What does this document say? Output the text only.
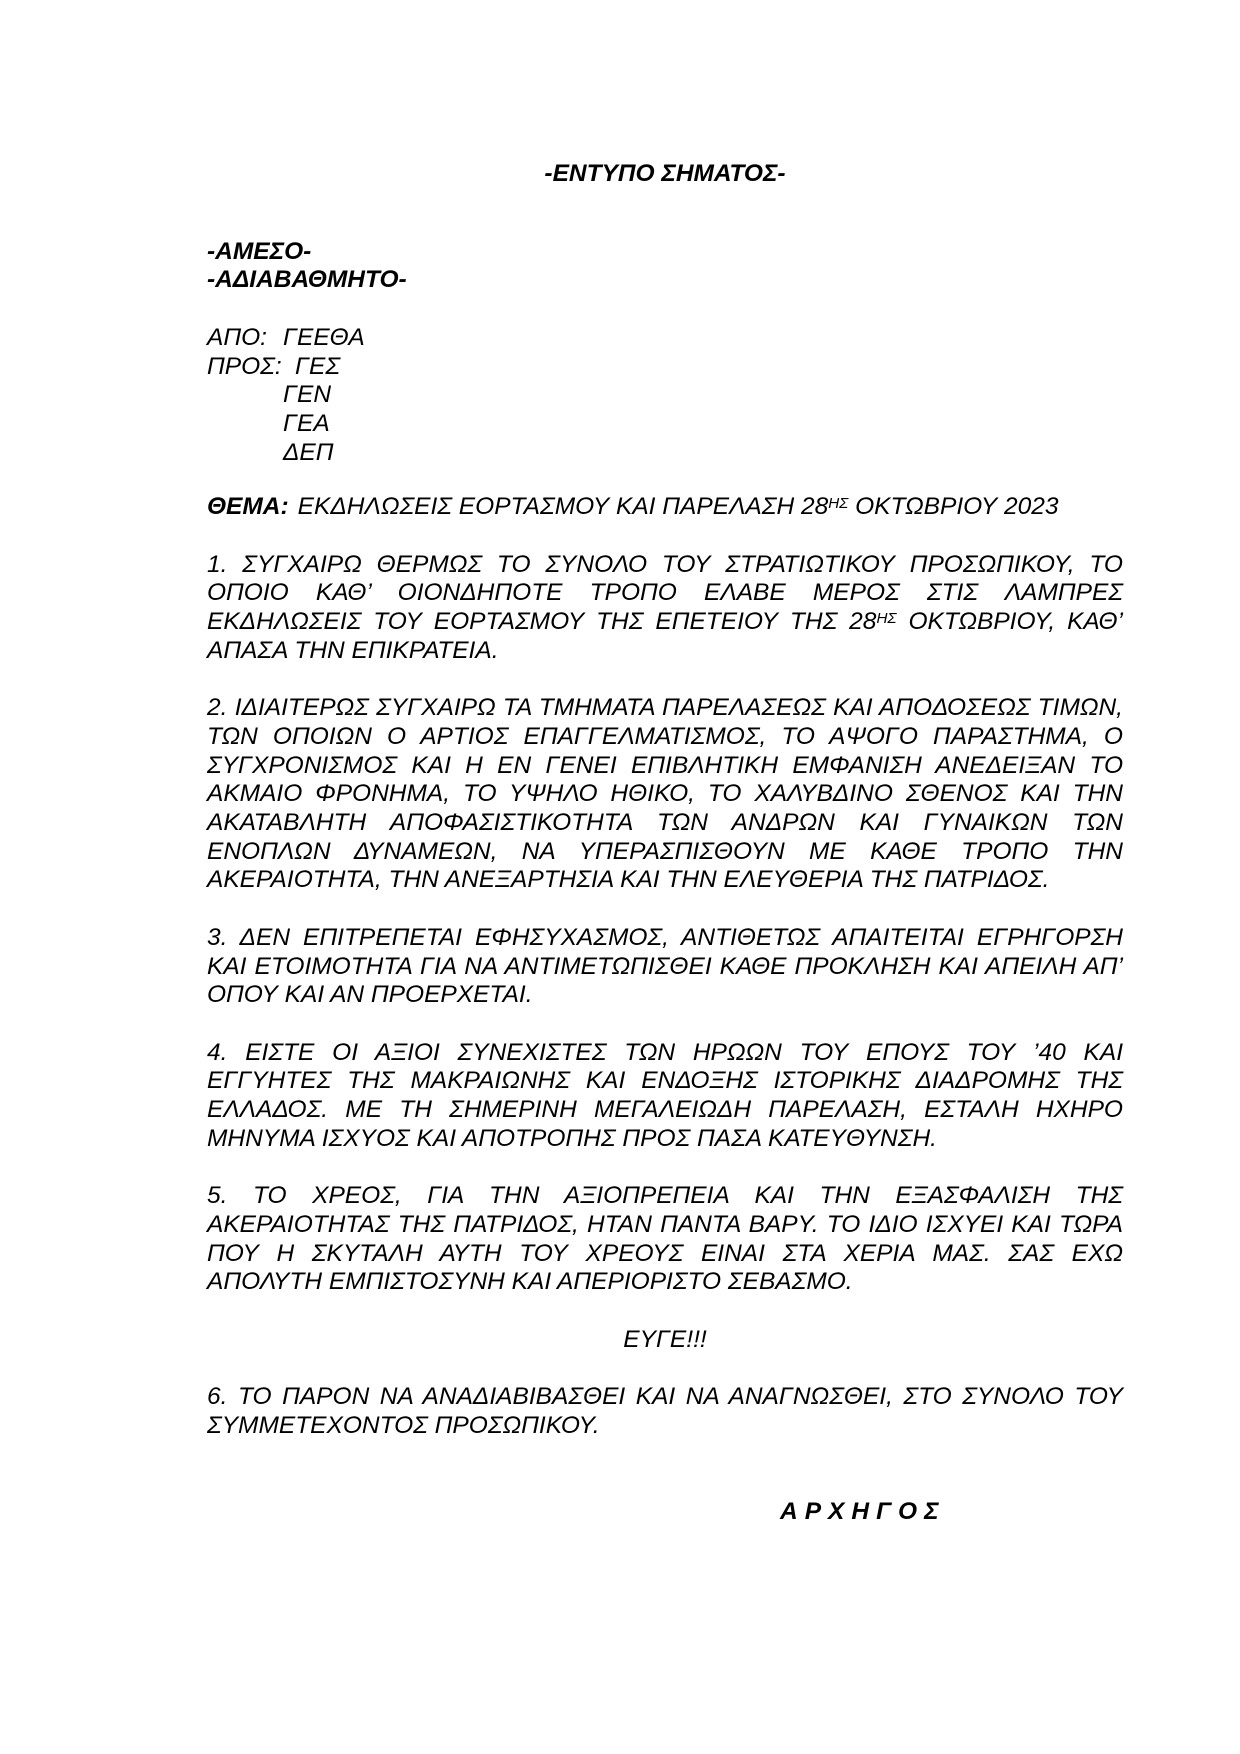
-ΕΝΤΥΠΟ ΣΗΜΑΤΟΣ-
-ΑΜΕΣΟ-
-ΑΔΙΑΒΑΘΜΗΤΟ-
ΑΠΟ: ΓΕΕΘΑ
ΠΡΟΣ: ΓΕΣ
ΓΕΝ
ΓΕΑ
ΔΕΠ
ΘΕΜΑ: ΕΚΔΗΛΩΣΕΙΣ ΕΟΡΤΑΣΜΟΥ ΚΑΙ ΠΑΡΕΛΑΣΗ $28^{H\Sigma}$ ΟΚΤΩΒΡΙΟΥ 2023
1. ΣΥΓΧΑΙΡΩ ΘΕΡΜΩΣ ΤΟ ΣΥΝΟΛΟ ΤΟΥ ΣΤΡΑΤΙΩΤΙΚΟΥ ΠΡΟΣΩΠΙΚΟΥ, ΤΟ ΟΠΟΙΟ ΚΑΘ’ ΟΙΟΝΔΗΠΟΤΕ ΤΡΟΠΟ ΕΛΑΒΕ ΜΕΡΟΣ ΣΤΙΣ ΛΑΜΠΡΕΣ ΕΚΔΗΛΩΣΕΙΣ ΤΟΥ ΕΟΡΤΑΣΜΟΥ ΤΗΣ ΕΠΕΤΕΙΟΥ ΤΗΣ $28^{H\Sigma}$ ΟΚΤΩΒΡΙΟΥ, ΚΑΘ’ ΑΠΑΣΑ ΤΗΝ ΕΠΙΚΡΑΤΕΙΑ.
2. ΙΔΙΑΙΤΕΡΩΣ ΣΥΓΧΑΙΡΩ ΤΑ ΤΜΗΜΑΤΑ ΠΑΡΕΛΑΣΕΩΣ ΚΑΙ ΑΠΟΔΟΣΕΩΣ ΤΙΜΩΝ, ΤΩΝ ΟΠΟΙΩΝ Ο ΑΡΤΙΟΣ ΕΠΑΓΓΕΛΜΑΤΙΣΜΟΣ, ΤΟ ΑΨΟΓΟ ΠΑΡΑΣΤΗΜΑ, Ο ΣΥΓΧΡΟΝΙΣΜΟΣ ΚΑΙ Η ΕΝ ΓΕΝΕΙ ΕΠΙΒΛΗΤΙΚΗ ΕΜΦΑΝΙΣΗ ΑΝΕΔΕΙΞΑΝ ΤΟ ΑΚΜΑΙΟ ΦΡΟΝΗΜΑ, ΤΟ ΥΨΗΛΟ ΗΘΙΚΟ, ΤΟ ΧΑΛΥΒΔΙΝΟ ΣΘΕΝΟΣ ΚΑΙ ΤΗΝ ΑΚΑΤΑΒΛΗΤΗ ΑΠΟΦΑΣΙΣΤΙΚΟΤΗΤΑ ΤΩΝ ΑΝΔΡΩΝ ΚΑΙ ΓΥΝΑΙΚΩΝ ΤΩΝ ΕΝΟΠΛΩΝ ΔΥΝΑΜΕΩΝ, ΝΑ ΥΠΕΡΑΣΠΙΣΘΟΥΝ ΜΕ ΚΑΘΕ ΤΡΟΠΟ ΤΗΝ ΑΚΕΡΑΙΟΤΗΤΑ, ΤΗΝ ΑΝΕΞΑΡΤΗΣΙΑ ΚΑΙ ΤΗΝ ΕΛΕΥΘΕΡΙΑ ΤΗΣ ΠΑΤΡΙΔΟΣ.
3. ΔΕΝ ΕΠΙΤΡΕΠΕΤΑΙ ΕΦΗΣΥΧΑΣΜΟΣ, ΑΝΤΙΘΕΤΩΣ ΑΠΑΙΤΕΙΤΑΙ ΕΓΡΗΓΟΡΣΗ ΚΑΙ ΕΤΟΙΜΟΤΗΤΑ ΓΙΑ ΝΑ ΑΝΤΙΜΕΤΩΠΙΣΘΕΙ ΚΑΘΕ ΠΡΟΚΛΗΣΗ ΚΑΙ ΑΠΕΙΛΗ ΑΠ’ ΟΠΟΥ ΚΑΙ ΑΝ ΠΡΟΕΡΧΕΤΑΙ.
4. ΕΙΣΤΕ ΟΙ ΑΞΙΟΙ ΣΥΝΕΧΙΣΤΕΣ ΤΩΝ ΗΡΩΩΝ ΤΟΥ ΕΠΟΥΣ ΤΟΥ ’40 ΚΑΙ ΕΓΓΥΗΤΕΣ ΤΗΣ ΜΑΚΡΑΙΩΝΗΣ ΚΑΙ ΕΝΔΟΞΗΣ ΙΣΤΟΡΙΚΗΣ ΔΙΑΔΡΟΜΗΣ ΤΗΣ ΕΛΛΑΔΟΣ. ΜΕ ΤΗ ΣΗΜΕΡΙΝΗ ΜΕΓΑΛΕΙΩΔΗ ΠΑΡΕΛΑΣΗ, ΕΣΤΑΛΗ ΗΧΗΡΟ ΜΗΝΥΜΑ ΙΣΧΥΟΣ ΚΑΙ ΑΠΟΤΡΟΠΗΣ ΠΡΟΣ ΠΑΣΑ ΚΑΤΕΥΘΥΝΣΗ.
5. ΤΟ ΧΡΕΟΣ, ΓΙΑ ΤΗΝ ΑΞΙΟΠΡΕΠΕΙΑ ΚΑΙ ΤΗΝ ΕΞΑΣΦΑΛΙΣΗ ΤΗΣ ΑΚΕΡΑΙΟΤΗΤΑΣ ΤΗΣ ΠΑΤΡΙΔΟΣ, ΗΤΑΝ ΠΑΝΤΑ ΒΑΡΥ. ΤΟ ΙΔΙΟ ΙΣΧΥΕΙ ΚΑΙ ΤΩΡΑ ΠΟΥ Η ΣΚΥΤΑΛΗ ΑΥΤΗ ΤΟΥ ΧΡΕΟΥΣ ΕΙΝΑΙ ΣΤΑ ΧΕΡΙΑ ΜΑΣ. ΣΑΣ ΕΧΩ ΑΠΟΛΥΤΗ ΕΜΠΙΣΤΟΣΥΝΗ ΚΑΙ ΑΠΕΡΙΟΡΙΣΤΟ ΣΕΒΑΣΜΟ.
ΕΥΓΕ!!!
6. ΤΟ ΠΑΡΟΝ ΝΑ ΑΝΑΔΙΑΒΙΒΑΣΘΕΙ ΚΑΙ ΝΑ ΑΝΑΓΝΩΣΘΕΙ, ΣΤΟ ΣΥΝΟΛΟ ΤΟΥ ΣΥΜΜΕΤΕΧΟΝΤΟΣ ΠΡΟΣΩΠΙΚΟΥ.
ΑΡΧΗΓΟΣ
